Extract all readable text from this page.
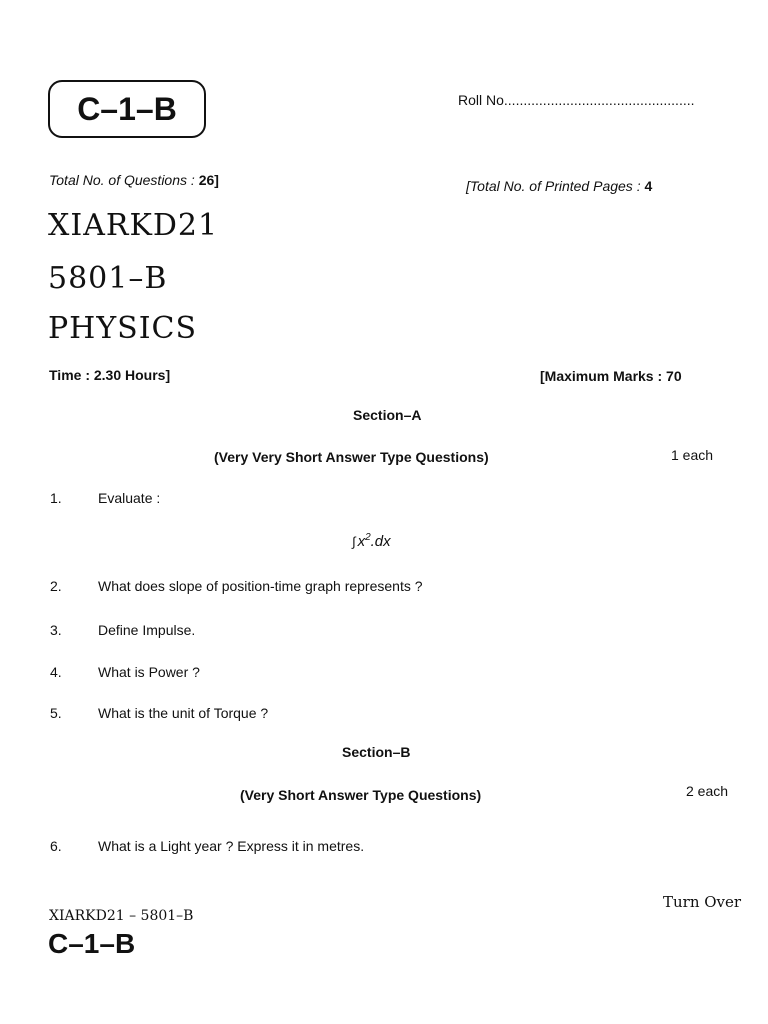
C–1–B	Roll No.................................................
Total No. of Questions : 26]	[Total No. of Printed Pages : 4
XIARKD21
5801–B
PHYSICS
Time : 2.30 Hours]	[Maximum Marks : 70
Section–A
(Very Very Short Answer Type Questions)	1 each
1.	Evaluate :
∫ $x^2.dx$
2.	What does slope of position-time graph represents ?
3.	Define Impulse.
4.	What is Power ?
5.	What is the unit of Torque ?
Section–B
(Very Short Answer Type Questions)	2 each
6.	What is a Light year ? Express it in metres.
Turn Over
XIARKD21 – 5801–B
C–1–B
